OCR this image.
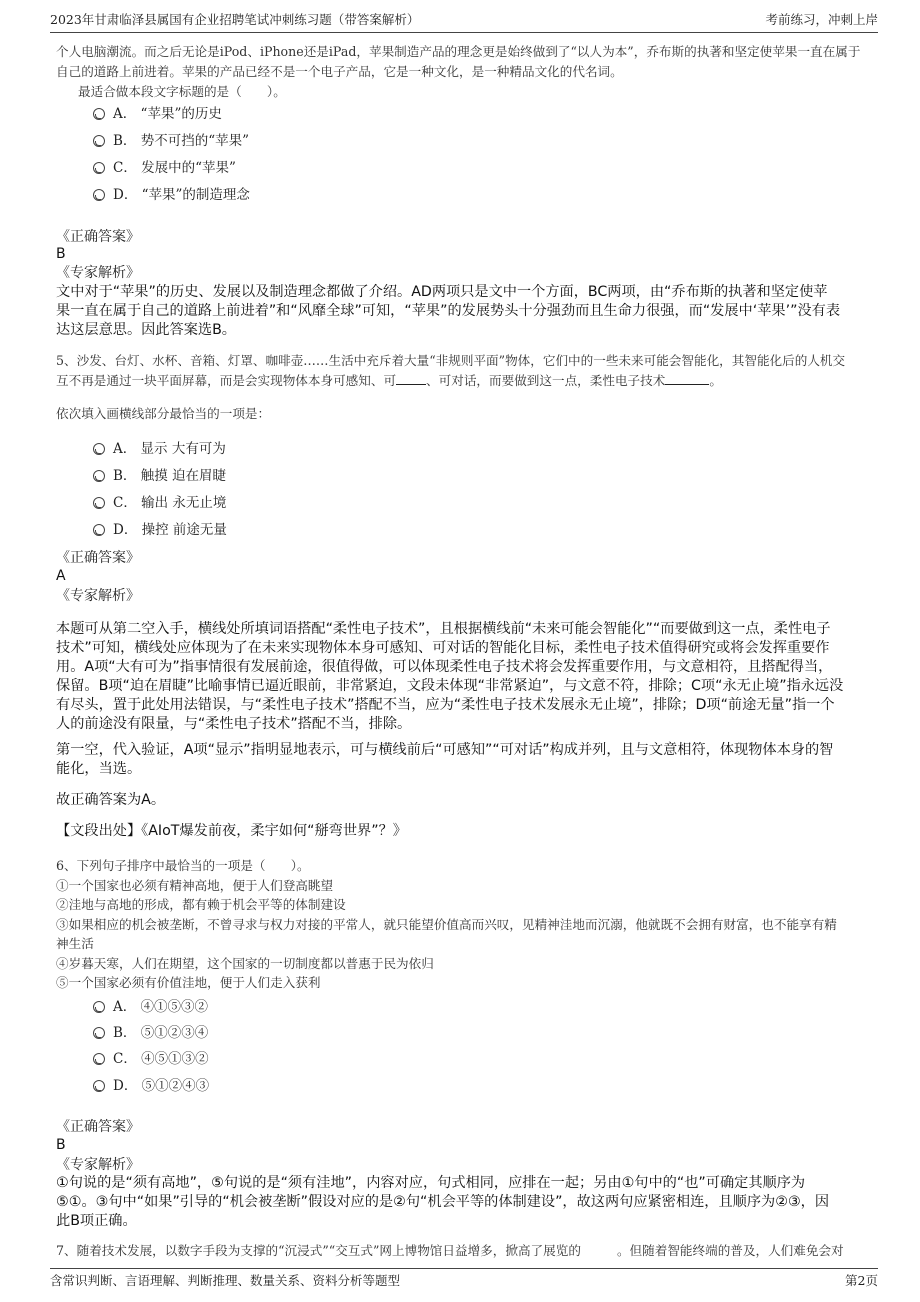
2023年甘肃临泽县属国有企业招聘笔试冲刺练习题（带答案解析）	考前练习，冲刺上岸
个人电脑潮流。而之后无论是iPod、iPhone还是iPad，苹果制造产品的理念更是始终做到了“以人为本”，乔布斯的执著和坚定使苹果一直在属于
自己的道路上前进着。苹果的产品已经不是一个电子产品，它是一种文化，是一种精品文化的代名词。
最适合做本段文字标题的是（　　）。
A． “苹果”的历史
B． 势不可挡的“苹果”
C． 发展中的“苹果”
D． “苹果”的制造理念
《正确答案》
B
《专家解析》
文中对于“苹果”的历史、发展以及制造理念都做了介绍。AD两项只是文中一个方面，BC两项，由“乔布斯的执著和坚定使苹
果一直在属于自己的道路上前进着”和“风靡全球”可知，“苹果”的发展势头十分强劲而且生命力很强，而“发展中‘苹果’”没有表
达这层意思。因此答案选B。
5、沙发、台灯、水杯、音箱、灯罩、咖啡壶……生活中充斥着大量“非规则平面”物体，它们中的一些未来可能会智能化，其智能化后的人机交
互不再是通过一块平面屏幕，而是会实现物体本身可感知、可 、可对话，而要做到这一点，柔性电子技术	。
依次填入画横线部分最恰当的一项是：
A． 显示 大有可为
B． 触摸 迫在眉睫
C． 输出 永无止境
D． 操控 前途无量
《正确答案》
A
《专家解析》
本题可从第二空入手，横线处所填词语搭配“柔性电子技术”，且根据横线前“未来可能会智能化”“而要做到这一点，柔性电子
技术”可知，横线处应体现为了在未来实现物体本身可感知、可对话的智能化目标，柔性电子技术值得研究或将会发挥重要作
用。A项“大有可为”指事情很有发展前途，很值得做，可以体现柔性电子技术将会发挥重要作用，与文意相符，且搭配得当，
保留。B项“迫在眉睫”比喻事情已逼近眼前，非常紧迫，文段未体现“非常紧迫”，与文意不符，排除；C项“永无止境”指永远没
有尽头，置于此处用法错误，与“柔性电子技术”搭配不当，应为“柔性电子技术发展永无止境”，排除；D项“前途无量”指一个
人的前途没有限量，与“柔性电子技术”搭配不当，排除。
第一空，代入验证，A项“显示”指明显地表示，可与横线前后“可感知”“可对话”构成并列，且与文意相符，体现物体本身的智
能化，当选。
故正确答案为A。
【文段出处】《AIoT爆发前夜，柔宇如何“掰弯世界”？》
6、下列句子排序中最恰当的一项是（　　）。
①一个国家也必须有精神高地，便于人们登高眺望
②洼地与高地的形成，都有赖于机会平等的体制建设
③如果相应的机会被垄断，不曾寻求与权力对接的平常人，就只能望价值高而兴叹，见精神洼地而沉溺，他就既不会拥有财富，也不能享有精
神生活
④岁暮天寒，人们在期望，这个国家的一切制度都以普惠于民为依归
⑤一个国家必须有价值洼地，便于人们走入获利
A． ④①⑤③②
B． ⑤①②③④
C． ④⑤①③②
D． ⑤①②④③
《正确答案》
B
《专家解析》
①句说的是“须有高地”，⑤句说的是“须有洼地”，内容对应，句式相同，应排在一起；另由①句中的“也”可确定其顺序为
⑤①。③句中“如果”引导的“机会被垄断”假设对应的是②句“机会平等的体制建设”，故这两句应紧密相连，且顺序为②③，因
此B项正确。
7、随着技术发展，以数字手段为支撑的“沉浸式”“交互式”网上博物馆日益增多，掀高了展览的	。但随着智能终端的普及，人们难免会对
含常识判断、言语理解、判断推理、数量关系、资料分析等题型	第2页
